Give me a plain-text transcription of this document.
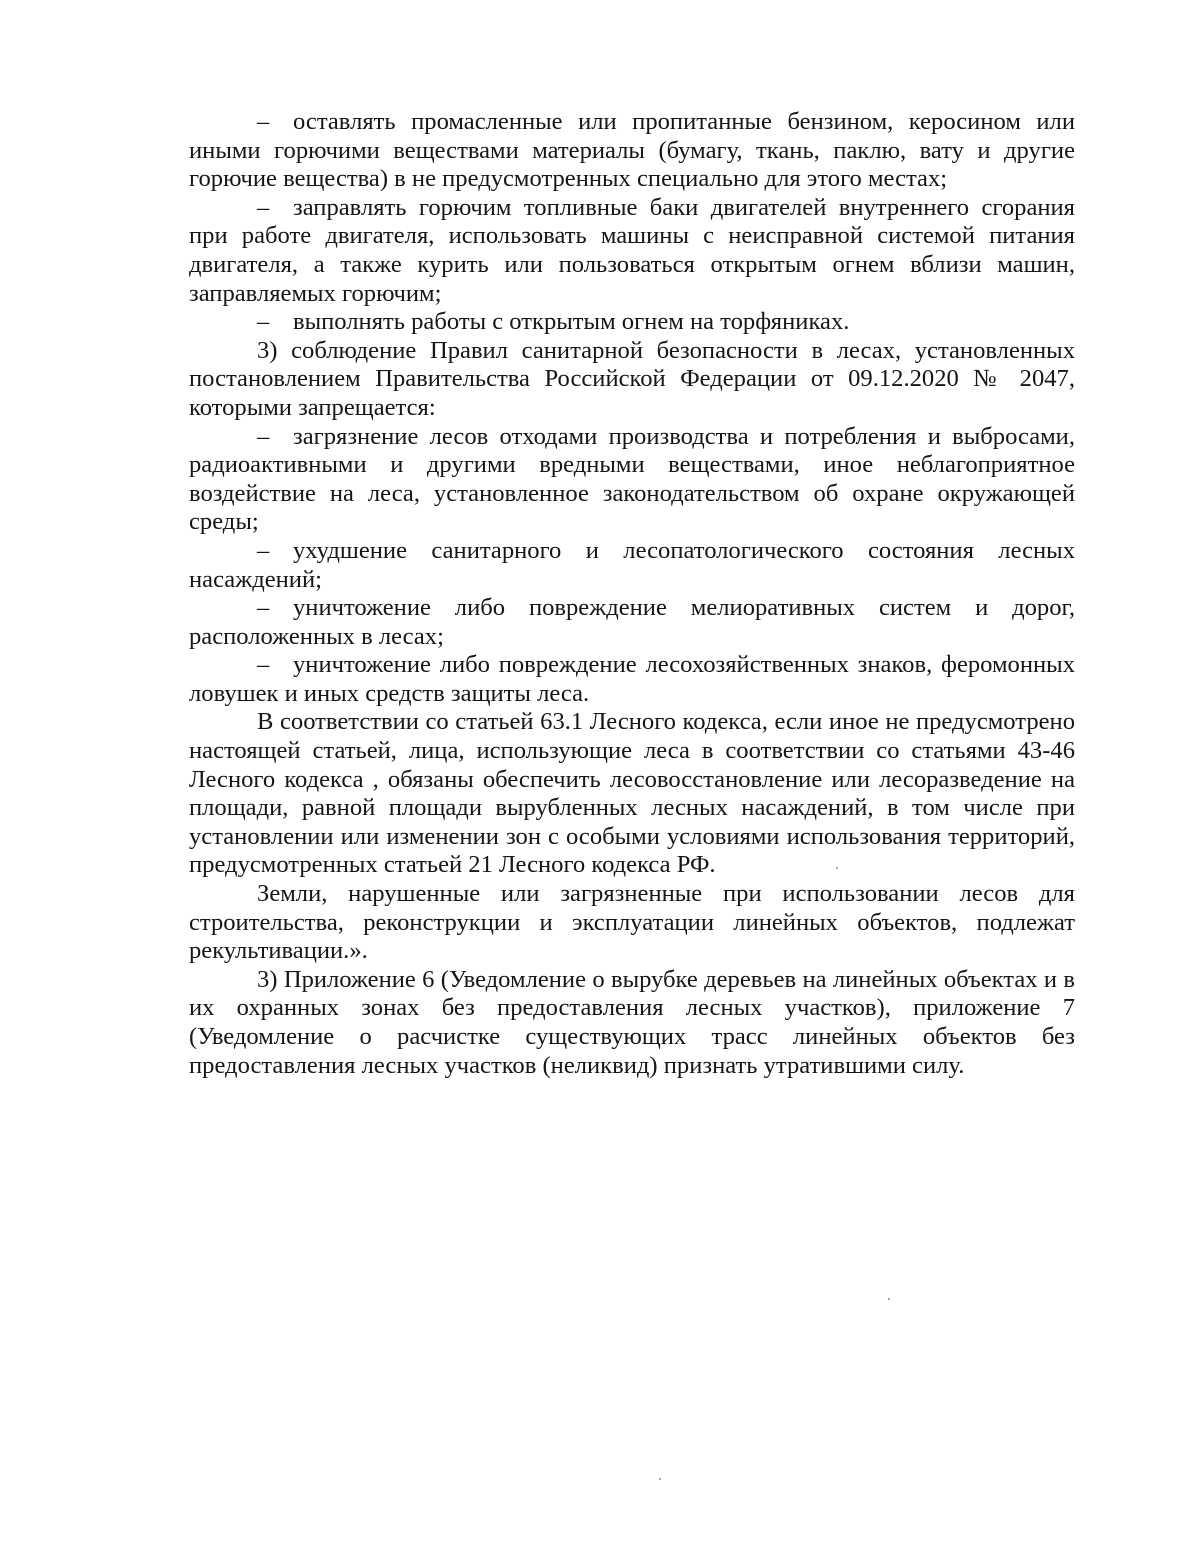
– оставлять промасленные или пропитанные бензином, керосином или иными горючими веществами материалы (бумагу, ткань, паклю, вату и другие горючие вещества) в не предусмотренных специально для этого местах;

– заправлять горючим топливные баки двигателей внутреннего сгорания при работе двигателя, использовать машины с неисправной системой питания двигателя, а также курить или пользоваться открытым огнем вблизи машин, заправляемых горючим;

– выполнять работы с открытым огнем на торфяниках.

3) соблюдение Правил санитарной безопасности в лесах, установленных постановлением Правительства Российской Федерации от 09.12.2020 № 2047, которыми запрещается:

– загрязнение лесов отходами производства и потребления и выбросами, радиоактивными и другими вредными веществами, иное неблагоприятное воздействие на леса, установленное законодательством об охране окружающей среды;

– ухудшение санитарного и лесопатологического состояния лесных насаждений;

– уничтожение либо повреждение мелиоративных систем и дорог, расположенных в лесах;

– уничтожение либо повреждение лесохозяйственных знаков, феромонных ловушек и иных средств защиты леса.

В соответствии со статьей 63.1 Лесного кодекса, если иное не предусмотрено настоящей статьей, лица, использующие леса в соответствии со статьями 43-46 Лесного кодекса , обязаны обеспечить лесовосстановление или лесоразведение на площади, равной площади вырубленных лесных насаждений, в том числе при установлении или изменении зон с особыми условиями использования территорий, предусмотренных статьей 21 Лесного кодекса РФ.

Земли, нарушенные или загрязненные при использовании лесов для строительства, реконструкции и эксплуатации линейных объектов, подлежат рекультивации.».

3) Приложение 6 (Уведомление о вырубке деревьев на линейных объектах и в их охранных зонах без предоставления лесных участков), приложение 7 (Уведомление о расчистке существующих трасс линейных объектов без предоставления лесных участков (неликвид) признать утратившими силу.
